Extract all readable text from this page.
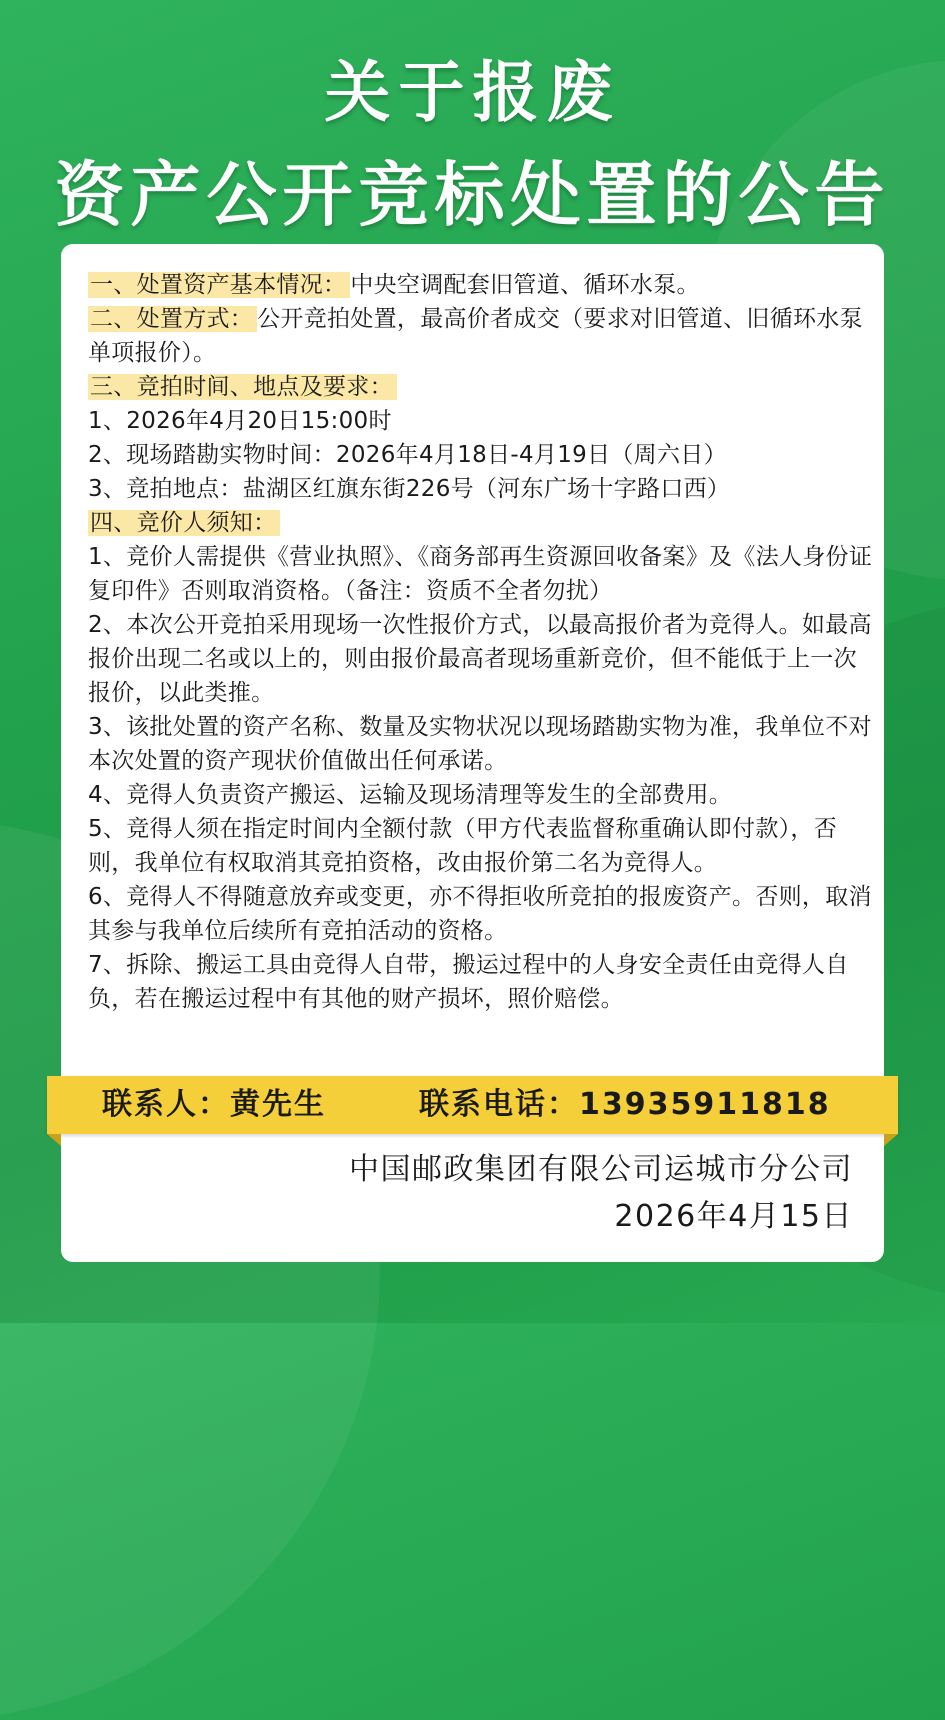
关于报废
资产公开竞标处置的公告

一、处置资产基本情况： 中央空调配套旧管道、循环水泵。

二、处置方式： 公开竞拍处置，最高价者成交（要求对旧管道、旧循环水泵单项报价）。

三、竞拍时间、地点及要求：

1、2026年4月20日15:00时

2、现场踏勘实物时间：2026年4月18日-4月19日（周六日）

3、竞拍地点：盐湖区红旗东街226号（河东广场十字路口西）

四、竞价人须知：

1、竞价人需提供《营业执照》、《商务部再生资源回收备案》及《法人身份证复印件》否则取消资格。（备注：资质不全者勿扰）

2、本次公开竞拍采用现场一次性报价方式，以最高报价者为竞得人。如最高报价出现二名或以上的，则由报价最高者现场重新竞价，但不能低于上一次报价，以此类推。

3、该批处置的资产名称、数量及实物状况以现场踏勘实物为准，我单位不对本次处置的资产现状价值做出任何承诺。

4、竞得人负责资产搬运、运输及现场清理等发生的全部费用。

5、竞得人须在指定时间内全额付款（甲方代表监督称重确认即付款），否则，我单位有权取消其竞拍资格，改由报价第二名为竞得人。

6、竞得人不得随意放弃或变更，亦不得拒收所竞拍的报废资产。否则，取消其参与我单位后续所有竞拍活动的资格。

7、拆除、搬运工具由竞得人自带，搬运过程中的人身安全责任由竞得人自负，若在搬运过程中有其他的财产损坏，照价赔偿。

联系人：黄先生	联系电话：13935911818
中国邮政集团有限公司运城市分公司
2026年4月15日
